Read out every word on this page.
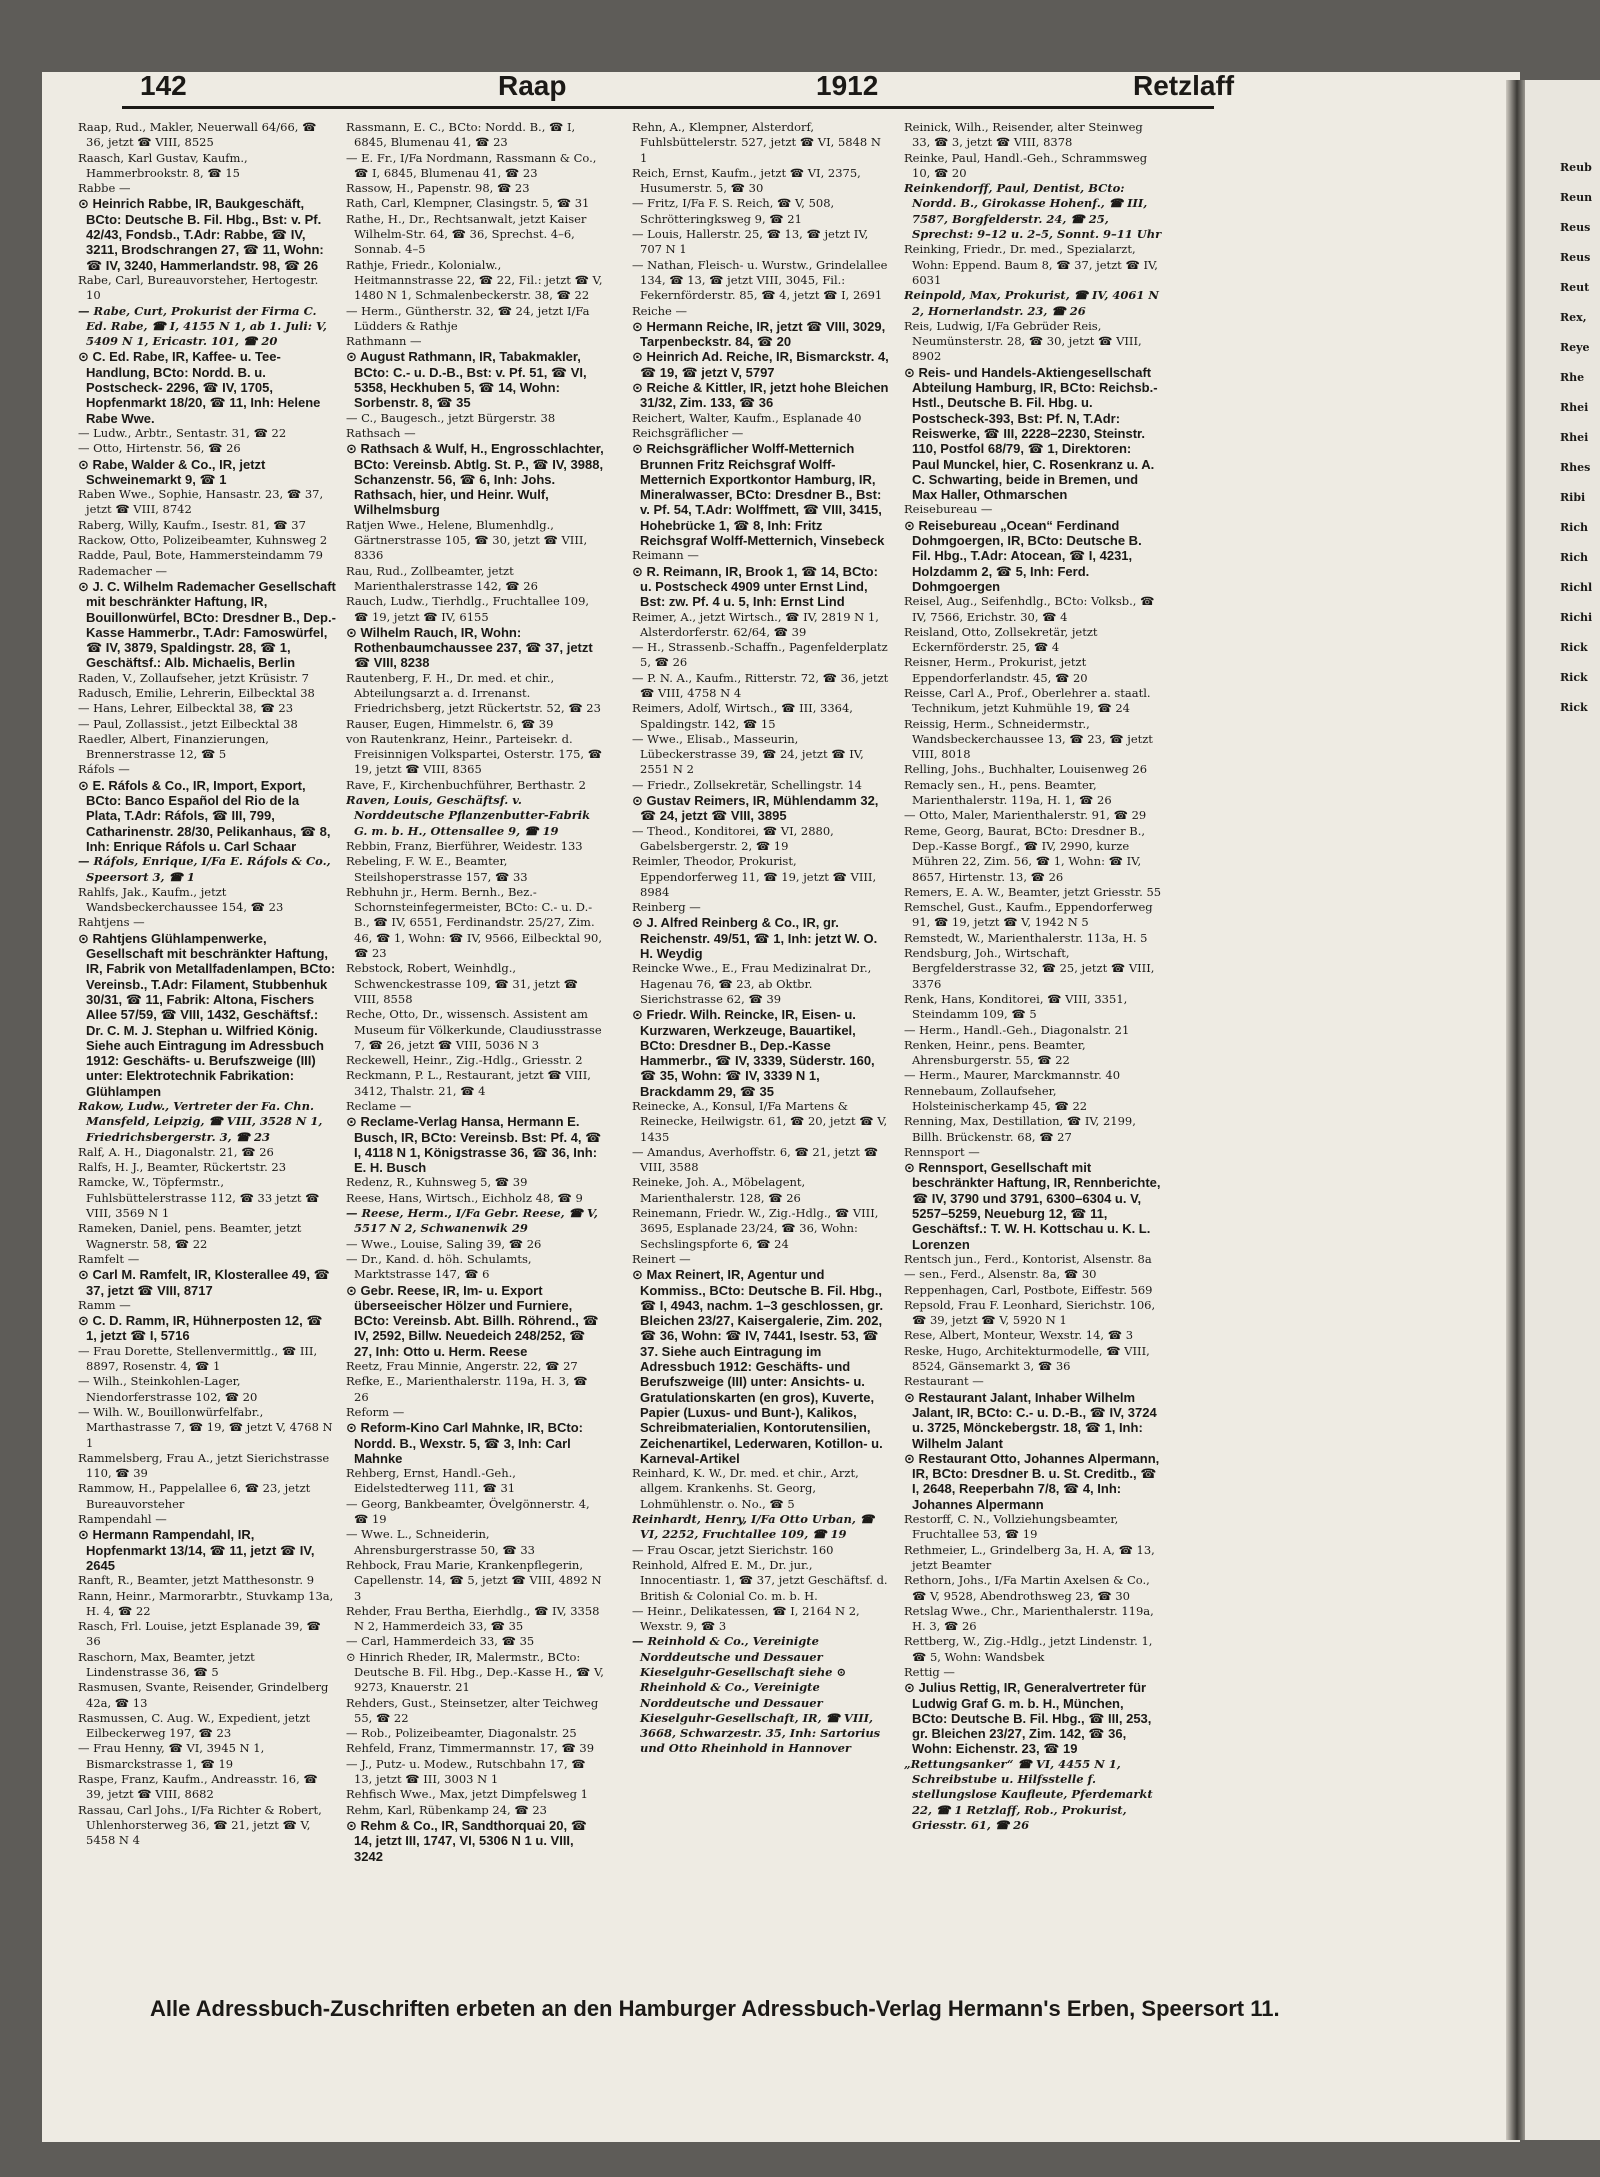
142	Raap	1912	Retzlaff

Raap, Rud., Makler, Neuerwall 64/66, ☎ 36, jetzt ☎ VIII, 8525

Raasch, Karl Gustav, Kaufm., Hammerbrookstr. 8, ☎ 15

Rabbe —

⊙ Heinrich Rabbe, IR, Baukgeschäft, BCto: Deutsche B. Fil. Hbg., Bst: v. Pf. 42/43, Fondsb., T.Adr: Rabbe, ☎ IV, 3211, Brodschrangen 27, ☎ 11, Wohn: ☎ IV, 3240, Hammerlandstr. 98, ☎ 26

Rabe, Carl, Bureauvorsteher, Hertogestr. 10

— Rabe, Curt, Prokurist der Firma C. Ed. Rabe, ☎ I, 4155 N 1, ab 1. Juli: V, 5409 N 1, Ericastr. 101, ☎ 20

⊙ C. Ed. Rabe, IR, Kaffee- u. Tee-Handlung, BCto: Nordd. B. u. Postscheck- 2296, ☎ IV, 1705, Hopfenmarkt 18/20, ☎ 11, Inh: Helene Rabe Wwe.

— Ludw., Arbtr., Sentastr. 31, ☎ 22

— Otto, Hirtenstr. 56, ☎ 26

⊙ Rabe, Walder & Co., IR, jetzt Schweinemarkt 9, ☎ 1

Raben Wwe., Sophie, Hansastr. 23, ☎ 37, jetzt ☎ VIII, 8742

Raberg, Willy, Kaufm., Isestr. 81, ☎ 37

Rackow, Otto, Polizeibeamter, Kuhnsweg 2

Radde, Paul, Bote, Hammersteindamm 79

Rademacher —

⊙ J. C. Wilhelm Rademacher Gesellschaft mit beschränkter Haftung, IR, Bouillonwürfel, BCto: Dresdner B., Dep.-Kasse Hammerbr., T.Adr: Famoswürfel, ☎ IV, 3879, Spaldingstr. 28, ☎ 1, Geschäftsf.: Alb. Michaelis, Berlin

Raden, V., Zollaufseher, jetzt Krüsistr. 7

Radusch, Emilie, Lehrerin, Eilbecktal 38

— Hans, Lehrer, Eilbecktal 38, ☎ 23

— Paul, Zollassist., jetzt Eilbecktal 38

Raedler, Albert, Finanzierungen, Brennerstrasse 12, ☎ 5

Ráfols —

⊙ E. Ráfols & Co., IR, Import, Export, BCto: Banco Español del Rio de la Plata, T.Adr: Ráfols, ☎ III, 799, Catharinenstr. 28/30, Pelikanhaus, ☎ 8, Inh: Enrique Ráfols u. Carl Schaar

— Ráfols, Enrique, I/Fa E. Ráfols & Co., Speersort 3, ☎ 1

Rahlfs, Jak., Kaufm., jetzt Wandsbeckerchaussee 154, ☎ 23

Rahtjens —

⊙ Rahtjens Glühlampenwerke, Gesellschaft mit beschränkter Haftung, IR, Fabrik von Metallfadenlampen, BCto: Vereinsb., T.Adr: Filament, Stubbenhuk 30/31, ☎ 11, Fabrik: Altona, Fischers Allee 57/59, ☎ VIII, 1432, Geschäftsf.: Dr. C. M. J. Stephan u. Wilfried König. Siehe auch Eintragung im Adressbuch 1912: Geschäfts- u. Berufszweige (III) unter: Elektrotechnik Fabrikation: Glühlampen

Rakow, Ludw., Vertreter der Fa. Chn. Mansfeld, Leipzig, ☎ VIII, 3528 N 1, Friedrichsbergerstr. 3, ☎ 23

Ralf, A. H., Diagonalstr. 21, ☎ 26

Ralfs, H. J., Beamter, Rückertstr. 23

Ramcke, W., Töpfermstr., Fuhlsbüttelerstrasse 112, ☎ 33 jetzt ☎ VIII, 3569 N 1

Rameken, Daniel, pens. Beamter, jetzt Wagnerstr. 58, ☎ 22

Ramfelt —

⊙ Carl M. Ramfelt, IR, Klosterallee 49, ☎ 37, jetzt ☎ VIII, 8717

Ramm —

⊙ C. D. Ramm, IR, Hühnerposten 12, ☎ 1, jetzt ☎ I, 5716

— Frau Dorette, Stellenvermittlg., ☎ III, 8897, Rosenstr. 4, ☎ 1

— Wilh., Steinkohlen-Lager, Niendorferstrasse 102, ☎ 20

— Wilh. W., Bouillonwürfelfabr., Marthastrasse 7, ☎ 19, ☎ jetzt V, 4768 N 1

Rammelsberg, Frau A., jetzt Sierichstrasse 110, ☎ 39

Rammow, H., Pappelallee 6, ☎ 23, jetzt Bureauvorsteher

Rampendahl —

⊙ Hermann Rampendahl, IR, Hopfenmarkt 13/14, ☎ 11, jetzt ☎ IV, 2645

Ranft, R., Beamter, jetzt Matthesonstr. 9

Rann, Heinr., Marmorarbtr., Stuvkamp 13a, H. 4, ☎ 22

Rasch, Frl. Louise, jetzt Esplanade 39, ☎ 36

Raschorn, Max, Beamter, jetzt Lindenstrasse 36, ☎ 5

Rasmusen, Svante, Reisender, Grindelberg 42a, ☎ 13

Rasmussen, C. Aug. W., Expedient, jetzt Eilbeckerweg 197, ☎ 23

— Frau Henny, ☎ VI, 3945 N 1, Bismarckstrasse 1, ☎ 19

Raspe, Franz, Kaufm., Andreasstr. 16, ☎ 39, jetzt ☎ VIII, 8682

Rassau, Carl Johs., I/Fa Richter & Robert, Uhlenhorsterweg 36, ☎ 21, jetzt ☎ V, 5458 N 4

Rassmann, E. C., BCto: Nordd. B., ☎ I, 6845, Blumenau 41, ☎ 23

— E. Fr., I/Fa Nordmann, Rassmann & Co., ☎ I, 6845, Blumenau 41, ☎ 23

Rassow, H., Papenstr. 98, ☎ 23

Rath, Carl, Klempner, Clasingstr. 5, ☎ 31

Rathe, H., Dr., Rechtsanwalt, jetzt Kaiser Wilhelm-Str. 64, ☎ 36, Sprechst. 4–6, Sonnab. 4–5

Rathje, Friedr., Kolonialw., Heitmannstrasse 22, ☎ 22, Fil.: jetzt ☎ V, 1480 N 1, Schmalenbeckerstr. 38, ☎ 22

— Herm., Güntherstr. 32, ☎ 24, jetzt I/Fa Lüdders & Rathje

Rathmann —

⊙ August Rathmann, IR, Tabakmakler, BCto: C.- u. D.-B., Bst: v. Pf. 51, ☎ VI, 5358, Heckhuben 5, ☎ 14, Wohn: Sorbenstr. 8, ☎ 35

— C., Baugesch., jetzt Bürgerstr. 38

Rathsach —

⊙ Rathsach & Wulf, H., Engrosschlachter, BCto: Vereinsb. Abtlg. St. P., ☎ IV, 3988, Schanzenstr. 56, ☎ 6, Inh: Johs. Rathsach, hier, und Heinr. Wulf, Wilhelmsburg

Ratjen Wwe., Helene, Blumenhdlg., Gärtnerstrasse 105, ☎ 30, jetzt ☎ VIII, 8336

Rau, Rud., Zollbeamter, jetzt Marienthalerstrasse 142, ☎ 26

Rauch, Ludw., Tierhdlg., Fruchtallee 109, ☎ 19, jetzt ☎ IV, 6155

⊙ Wilhelm Rauch, IR, Wohn: Rothenbaumchaussee 237, ☎ 37, jetzt ☎ VIII, 8238

Rautenberg, F. H., Dr. med. et chir., Abteilungsarzt a. d. Irrenanst. Friedrichsberg, jetzt Rückertstr. 52, ☎ 23

Rauser, Eugen, Himmelstr. 6, ☎ 39

von Rautenkranz, Heinr., Parteisekr. d. Freisinnigen Volkspartei, Osterstr. 175, ☎ 19, jetzt ☎ VIII, 8365

Rave, F., Kirchenbuchführer, Berthastr. 2

Raven, Louis, Geschäftsf. v. Norddeutsche Pflanzenbutter-Fabrik G. m. b. H., Ottensallee 9, ☎ 19

Rebbin, Franz, Bierführer, Weidestr. 133

Rebeling, F. W. E., Beamter, Steilshoperstrasse 157, ☎ 33

Rebhuhn jr., Herm. Bernh., Bez.-Schornsteinfegermeister, BCto: C.- u. D.-B., ☎ IV, 6551, Ferdinandstr. 25/27, Zim. 46, ☎ 1, Wohn: ☎ IV, 9566, Eilbecktal 90, ☎ 23

Rebstock, Robert, Weinhdlg., Schwenckestrasse 109, ☎ 31, jetzt ☎ VIII, 8558

Reche, Otto, Dr., wissensch. Assistent am Museum für Völkerkunde, Claudiusstrasse 7, ☎ 26, jetzt ☎ VIII, 5036 N 3

Reckewell, Heinr., Zig.-Hdlg., Griesstr. 2

Reckmann, P. L., Restaurant, jetzt ☎ VIII, 3412, Thalstr. 21, ☎ 4

Reclame —

⊙ Reclame-Verlag Hansa, Hermann E. Busch, IR, BCto: Vereinsb. Bst: Pf. 4, ☎ I, 4118 N 1, Königstrasse 36, ☎ 36, Inh: E. H. Busch

Redenz, R., Kuhnsweg 5, ☎ 39

Reese, Hans, Wirtsch., Eichholz 48, ☎ 9

— Reese, Herm., I/Fa Gebr. Reese, ☎ V, 5517 N 2, Schwanenwik 29

— Wwe., Louise, Saling 39, ☎ 26

— Dr., Kand. d. höh. Schulamts, Marktstrasse 147, ☎ 6

⊙ Gebr. Reese, IR, Im- u. Export überseeischer Hölzer und Furniere, BCto: Vereinsb. Abt. Billh. Röhrend., ☎ IV, 2592, Billw. Neuedeich 248/252, ☎ 27, Inh: Otto u. Herm. Reese

Reetz, Frau Minnie, Angerstr. 22, ☎ 27

Refke, E., Marienthalerstr. 119a, H. 3, ☎ 26

Reform —

⊙ Reform-Kino Carl Mahnke, IR, BCto: Nordd. B., Wexstr. 5, ☎ 3, Inh: Carl Mahnke

Rehberg, Ernst, Handl.-Geh., Eidelstedterweg 111, ☎ 31

— Georg, Bankbeamter, Övelgönnerstr. 4, ☎ 19

— Wwe. L., Schneiderin, Ahrensburgerstrasse 50, ☎ 33

Rehbock, Frau Marie, Krankenpflegerin, Capellenstr. 14, ☎ 5, jetzt ☎ VIII, 4892 N 3

Rehder, Frau Bertha, Eierhdlg., ☎ IV, 3358 N 2, Hammerdeich 33, ☎ 35

— Carl, Hammerdeich 33, ☎ 35

⊙ Hinrich Rheder, IR, Malermstr., BCto: Deutsche B. Fil. Hbg., Dep.-Kasse H., ☎ V, 9273, Knauerstr. 21

Rehders, Gust., Steinsetzer, alter Teichweg 55, ☎ 22

— Rob., Polizeibeamter, Diagonalstr. 25

Rehfeld, Franz, Timmermannstr. 17, ☎ 39

— J., Putz- u. Modew., Rutschbahn 17, ☎ 13, jetzt ☎ III, 3003 N 1

Rehfisch Wwe., Max, jetzt Dimpfelsweg 1

Rehm, Karl, Rübenkamp 24, ☎ 23

⊙ Rehm & Co., IR, Sandthorquai 20, ☎ 14, jetzt III, 1747, VI, 5306 N 1 u. VIII, 3242

Rehn, A., Klempner, Alsterdorf, Fuhlsbüttelerstr. 527, jetzt ☎ VI, 5848 N 1

Reich, Ernst, Kaufm., jetzt ☎ VI, 2375, Husumerstr. 5, ☎ 30

— Fritz, I/Fa F. S. Reich, ☎ V, 508, Schrötteringksweg 9, ☎ 21

— Louis, Hallerstr. 25, ☎ 13, ☎ jetzt IV, 707 N 1

— Nathan, Fleisch- u. Wurstw., Grindelallee 134, ☎ 13, ☎ jetzt VIII, 3045, Fil.: Fekernförderstr. 85, ☎ 4, jetzt ☎ I, 2691

Reiche —

⊙ Hermann Reiche, IR, jetzt ☎ VIII, 3029, Tarpenbeckstr. 84, ☎ 20

⊙ Heinrich Ad. Reiche, IR, Bismarckstr. 4, ☎ 19, ☎ jetzt V, 5797

⊙ Reiche & Kittler, IR, jetzt hohe Bleichen 31/32, Zim. 133, ☎ 36

Reichert, Walter, Kaufm., Esplanade 40

Reichsgräflicher —

⊙ Reichsgräflicher Wolff-Metternich Brunnen Fritz Reichsgraf Wolff-Metternich Exportkontor Hamburg, IR, Mineralwasser, BCto: Dresdner B., Bst: v. Pf. 54, T.Adr: Wolffmett, ☎ VIII, 3415, Hohebrücke 1, ☎ 8, Inh: Fritz Reichsgraf Wolff-Metternich, Vinsebeck

Reimann —

⊙ R. Reimann, IR, Brook 1, ☎ 14, BCto: u. Postscheck 4909 unter Ernst Lind, Bst: zw. Pf. 4 u. 5, Inh: Ernst Lind

Reimer, A., jetzt Wirtsch., ☎ IV, 2819 N 1, Alsterdorferstr. 62/64, ☎ 39

— H., Strassenb.-Schaffn., Pagenfelderplatz 5, ☎ 26

— P. N. A., Kaufm., Ritterstr. 72, ☎ 36, jetzt ☎ VIII, 4758 N 4

Reimers, Adolf, Wirtsch., ☎ III, 3364, Spaldingstr. 142, ☎ 15

— Wwe., Elisab., Masseurin, Lübeckerstrasse 39, ☎ 24, jetzt ☎ IV, 2551 N 2

— Friedr., Zollsekretär, Schellingstr. 14

⊙ Gustav Reimers, IR, Mühlendamm 32, ☎ 24, jetzt ☎ VIII, 3895

— Theod., Konditorei, ☎ VI, 2880, Gabelsbergerstr. 2, ☎ 19

Reimler, Theodor, Prokurist, Eppendorferweg 11, ☎ 19, jetzt ☎ VIII, 8984

Reinberg —

⊙ J. Alfred Reinberg & Co., IR, gr. Reichenstr. 49/51, ☎ 1, Inh: jetzt W. O. H. Weydig

Reincke Wwe., E., Frau Medizinalrat Dr., Hagenau 76, ☎ 23, ab Oktbr. Sierichstrasse 62, ☎ 39

⊙ Friedr. Wilh. Reincke, IR, Eisen- u. Kurzwaren, Werkzeuge, Bauartikel, BCto: Dresdner B., Dep.-Kasse Hammerbr., ☎ IV, 3339, Süderstr. 160, ☎ 35, Wohn: ☎ IV, 3339 N 1, Brackdamm 29, ☎ 35

Reinecke, A., Konsul, I/Fa Martens & Reinecke, Heilwigstr. 61, ☎ 20, jetzt ☎ V, 1435

— Amandus, Averhoffstr. 6, ☎ 21, jetzt ☎ VIII, 3588

Reineke, Joh. A., Möbelagent, Marienthalerstr. 128, ☎ 26

Reinemann, Friedr. W., Zig.-Hdlg., ☎ VIII, 3695, Esplanade 23/24, ☎ 36, Wohn: Sechslingspforte 6, ☎ 24

Reinert —

⊙ Max Reinert, IR, Agentur und Kommiss., BCto: Deutsche B. Fil. Hbg., ☎ I, 4943, nachm. 1–3 geschlossen, gr. Bleichen 23/27, Kaisergalerie, Zim. 202, ☎ 36, Wohn: ☎ IV, 7441, Isestr. 53, ☎ 37. Siehe auch Eintragung im Adressbuch 1912: Geschäfts- und Berufszweige (III) unter: Ansichts- u. Gratulationskarten (en gros), Kuverte, Papier (Luxus- und Bunt-), Kalikos, Schreibmaterialien, Kontorutensilien, Zeichenartikel, Lederwaren, Kotillon- u. Karneval-Artikel

Reinhard, K. W., Dr. med. et chir., Arzt, allgem. Krankenhs. St. Georg, Lohmühlenstr. o. No., ☎ 5

Reinhardt, Henry, I/Fa Otto Urban, ☎ VI, 2252, Fruchtallee 109, ☎ 19

— Frau Oscar, jetzt Sierichstr. 160

Reinhold, Alfred E. M., Dr. jur., Innocentiastr. 1, ☎ 37, jetzt Geschäftsf. d. British & Colonial Co. m. b. H.

— Heinr., Delikatessen, ☎ I, 2164 N 2, Wexstr. 9, ☎ 3

— Reinhold & Co., Vereinigte Norddeutsche und Dessauer Kieselguhr-Gesellschaft siehe ⊙ Rheinhold & Co., Vereinigte Norddeutsche und Dessauer Kieselguhr-Gesellschaft, IR, ☎ VIII, 3668, Schwarzestr. 35, Inh: Sartorius und Otto Rheinhold in Hannover

Reinick, Wilh., Reisender, alter Steinweg 33, ☎ 3, jetzt ☎ VIII, 8378

Reinke, Paul, Handl.-Geh., Schrammsweg 10, ☎ 20

Reinkendorff, Paul, Dentist, BCto: Nordd. B., Girokasse Hohenf., ☎ III, 7587, Borgfelderstr. 24, ☎ 25, Sprechst: 9–12 u. 2–5, Sonnt. 9–11 Uhr

Reinking, Friedr., Dr. med., Spezialarzt, Wohn: Eppend. Baum 8, ☎ 37, jetzt ☎ IV, 6031

Reinpold, Max, Prokurist, ☎ IV, 4061 N 2, Hornerlandstr. 23, ☎ 26

Reis, Ludwig, I/Fa Gebrüder Reis, Neumünsterstr. 28, ☎ 30, jetzt ☎ VIII, 8902

⊙ Reis- und Handels-Aktiengesellschaft Abteilung Hamburg, IR, BCto: Reichsb.-Hstl., Deutsche B. Fil. Hbg. u. Postscheck-393, Bst: Pf. N, T.Adr: Reiswerke, ☎ III, 2228–2230, Steinstr. 110, Postfol 68/79, ☎ 1, Direktoren: Paul Munckel, hier, C. Rosenkranz u. A. C. Schwarting, beide in Bremen, und Max Haller, Othmarschen

Reisebureau —

⊙ Reisebureau „Ocean“ Ferdinand Dohmgoergen, IR, BCto: Deutsche B. Fil. Hbg., T.Adr: Atocean, ☎ I, 4231, Holzdamm 2, ☎ 5, Inh: Ferd. Dohmgoergen

Reisel, Aug., Seifenhdlg., BCto: Volksb., ☎ IV, 7566, Erichstr. 30, ☎ 4

Reisland, Otto, Zollsekretär, jetzt Eckernförderstr. 25, ☎ 4

Reisner, Herm., Prokurist, jetzt Eppendorferlandstr. 45, ☎ 20

Reisse, Carl A., Prof., Oberlehrer a. staatl. Technikum, jetzt Kuhmühle 19, ☎ 24

Reissig, Herm., Schneidermstr., Wandsbeckerchaussee 13, ☎ 23, ☎ jetzt VIII, 8018

Relling, Johs., Buchhalter, Louisenweg 26

Remacly sen., H., pens. Beamter, Marienthalerstr. 119a, H. 1, ☎ 26

— Otto, Maler, Marienthalerstr. 91, ☎ 29

Reme, Georg, Baurat, BCto: Dresdner B., Dep.-Kasse Borgf., ☎ IV, 2990, kurze Mühren 22, Zim. 56, ☎ 1, Wohn: ☎ IV, 8657, Hirtenstr. 13, ☎ 26

Remers, E. A. W., Beamter, jetzt Griesstr. 55

Remschel, Gust., Kaufm., Eppendorferweg 91, ☎ 19, jetzt ☎ V, 1942 N 5

Remstedt, W., Marienthalerstr. 113a, H. 5

Rendsburg, Joh., Wirtschaft, Bergfelderstrasse 32, ☎ 25, jetzt ☎ VIII, 3376

Renk, Hans, Konditorei, ☎ VIII, 3351, Steindamm 109, ☎ 5

— Herm., Handl.-Geh., Diagonalstr. 21

Renken, Heinr., pens. Beamter, Ahrensburgerstr. 55, ☎ 22

— Herm., Maurer, Marckmannstr. 40

Rennebaum, Zollaufseher, Holsteinischerkamp 45, ☎ 22

Renning, Max, Destillation, ☎ IV, 2199, Billh. Brückenstr. 68, ☎ 27

Rennsport —

⊙ Rennsport, Gesellschaft mit beschränkter Haftung, IR, Rennberichte, ☎ IV, 3790 und 3791, 6300–6304 u. V, 5257–5259, Neueburg 12, ☎ 11, Geschäftsf.: T. W. H. Kottschau u. K. L. Lorenzen

Rentsch jun., Ferd., Kontorist, Alsenstr. 8a

— sen., Ferd., Alsenstr. 8a, ☎ 30

Reppenhagen, Carl, Postbote, Eiffestr. 569

Repsold, Frau F. Leonhard, Sierichstr. 106, ☎ 39, jetzt ☎ V, 5920 N 1

Rese, Albert, Monteur, Wexstr. 14, ☎ 3

Reske, Hugo, Architekturmodelle, ☎ VIII, 8524, Gänsemarkt 3, ☎ 36

Restaurant —

⊙ Restaurant Jalant, Inhaber Wilhelm Jalant, IR, BCto: C.- u. D.-B., ☎ IV, 3724 u. 3725, Mönckebergstr. 18, ☎ 1, Inh: Wilhelm Jalant

⊙ Restaurant Otto, Johannes Alpermann, IR, BCto: Dresdner B. u. St. Creditb., ☎ I, 2648, Reeperbahn 7/8, ☎ 4, Inh: Johannes Alpermann

Restorff, C. N., Vollziehungsbeamter, Fruchtallee 53, ☎ 19

Rethmeier, L., Grindelberg 3a, H. A, ☎ 13, jetzt Beamter

Rethorn, Johs., I/Fa Martin Axelsen & Co., ☎ V, 9528, Abendrothsweg 23, ☎ 30

Retslag Wwe., Chr., Marienthalerstr. 119a, H. 3, ☎ 26

Rettberg, W., Zig.-Hdlg., jetzt Lindenstr. 1, ☎ 5, Wohn: Wandsbek

Rettig —

⊙ Julius Rettig, IR, Generalvertreter für Ludwig Graf G. m. b. H., München, BCto: Deutsche B. Fil. Hbg., ☎ III, 253, gr. Bleichen 23/27, Zim. 142, ☎ 36, Wohn: Eichenstr. 23, ☎ 19

„Rettungsanker“ ☎ VI, 4455 N 1, Schreibstube u. Hilfsstelle f. stellungslose Kaufleute, Pferdemarkt 22, ☎ 1 Retzlaff, Rob., Prokurist, Griesstr. 61, ☎ 26

Reub
Reun
Reus
Reus
Reut
Rex,
Reye
Rhe
Rhei
Rhei
Rhes
Ribi
Rich
Rich
Richl
Richi
Rick
Rick
Rick
Alle Adressbuch-Zuschriften erbeten an den Hamburger Adressbuch-Verlag Hermann's Erben, Speersort 11.
